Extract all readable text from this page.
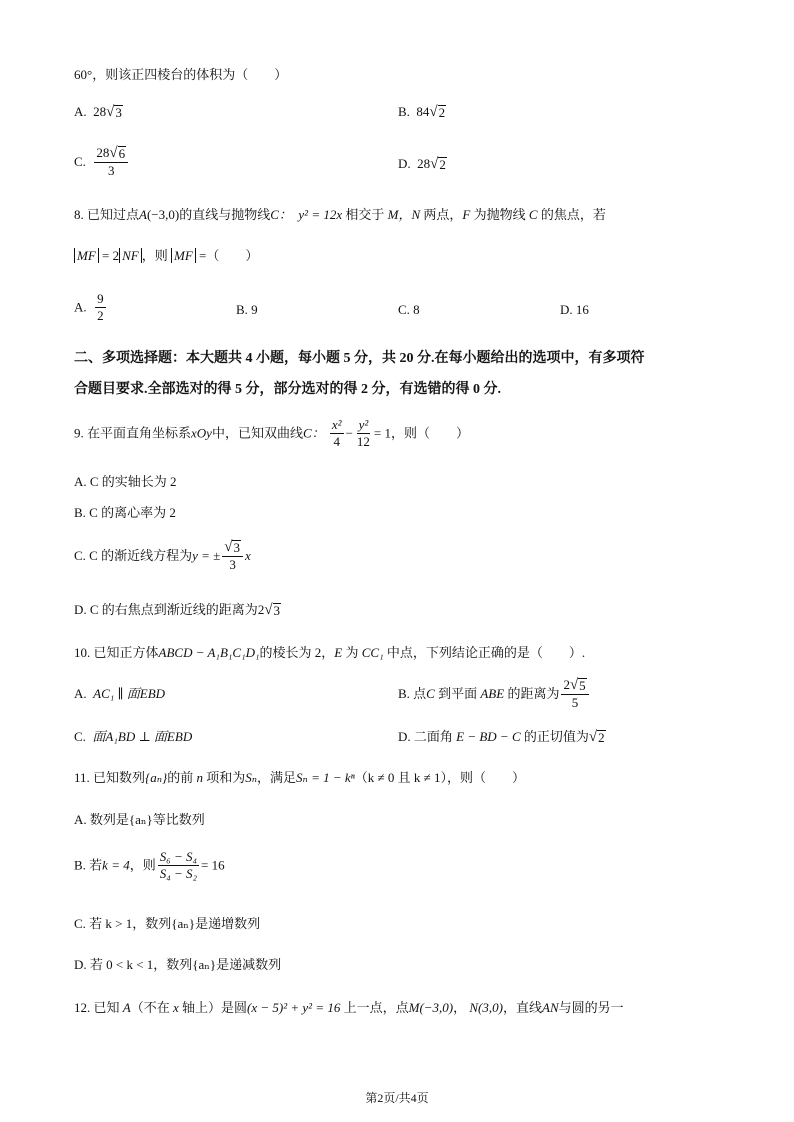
60°，则该正四棱台的体积为（　　）
A. 28 √ 3	B. 84 √ 2
C. $\frac{28 √ 6}{3}$	D. 28 √ 2
8. 已知过点A(−3,0)的直线与抛物线C： y² = 12x 相交于 M，N 两点，F 为抛物线 C 的焦点，若
MF = 2 NF ，则 MF =（　　）
A. $\frac{9}{2}$	B. 9	C. 8	D. 16
二、多项选择题：本大题共 4 小题，每小题 5 分，共 20 分.在每小题给出的选项中，有多项符
合题目要求.全部选对的得 5 分，部分选对的得 2 分，有选错的得 0 分.
9. 在平面直角坐标系xOy中，已知双曲线C： $\frac{\text{x²}}{4} - \frac{\text{y²}}{12} = 1$，则（　　）
A. C 的实轴长为 2
B. C 的离心率为 2
C. C 的渐近线方程为y = ± $\frac{√ 3}{3}$ x
D. C 的右焦点到渐近线的距离为2 √ 3
10. 已知正方体ABCD − A₁B₁C₁D₁的棱长为 2，E 为 CC₁ 中点，下列结论正确的是（　　）.
A. AC₁ ∥ 面EBD	B. 点C 到平面 ABE 的距离为 $\frac{2 √ 5}{5}$
C. 面A₁BD ⊥ 面EBD	D. 二面角 E − BD − C 的正切值为 √ 2
11. 已知数列{aₙ}的前 n 项和为Sₙ，满足Sₙ = 1 − kⁿ（k ≠ 0 且 k ≠ 1），则（　　）
A. 数列是{aₙ}等比数列
B. 若k = 4，则 $\frac{\text{S₆ − S₄}}{\text{S₄ − S₂}} = 16$
C. 若 k > 1，数列{aₙ}是递增数列
D. 若 0 < k < 1，数列{aₙ}是递减数列
12. 已知 A（不在 x 轴上）是圆(x − 5)² + y² = 16 上一点，点M(−3,0)， N(3,0)，直线AN与圆的另一
第2页/共4页
